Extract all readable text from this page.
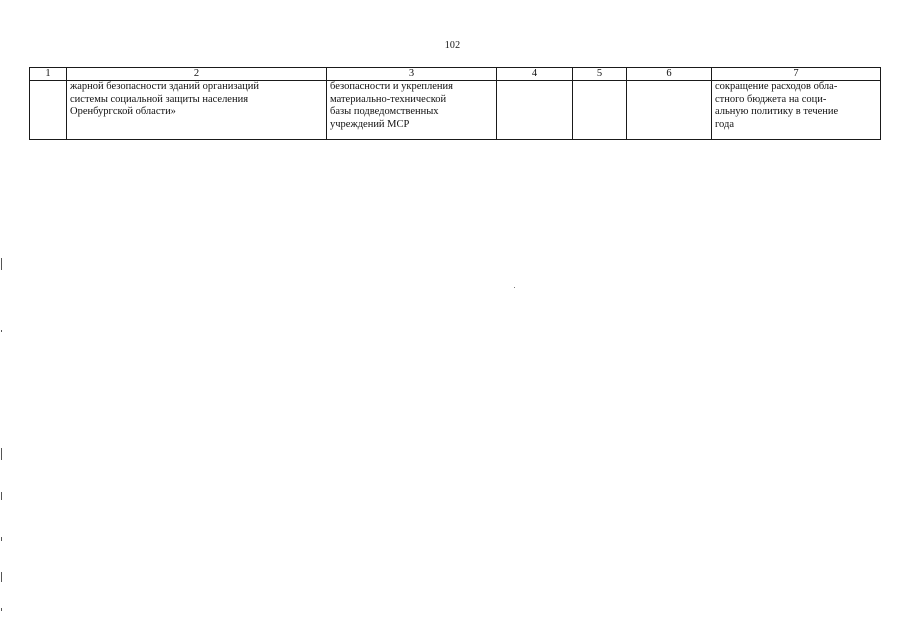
102
1	2	3	4	5	6	7

	жарной безопасности зданий организаций
системы социальной защиты населения
Оренбургской области»	безопасности и укрепления
материально-технической
базы подведомственных
учреждений МСР				сокращение расходов обла-
стного бюджета на соци-
альную политику в течение
года
